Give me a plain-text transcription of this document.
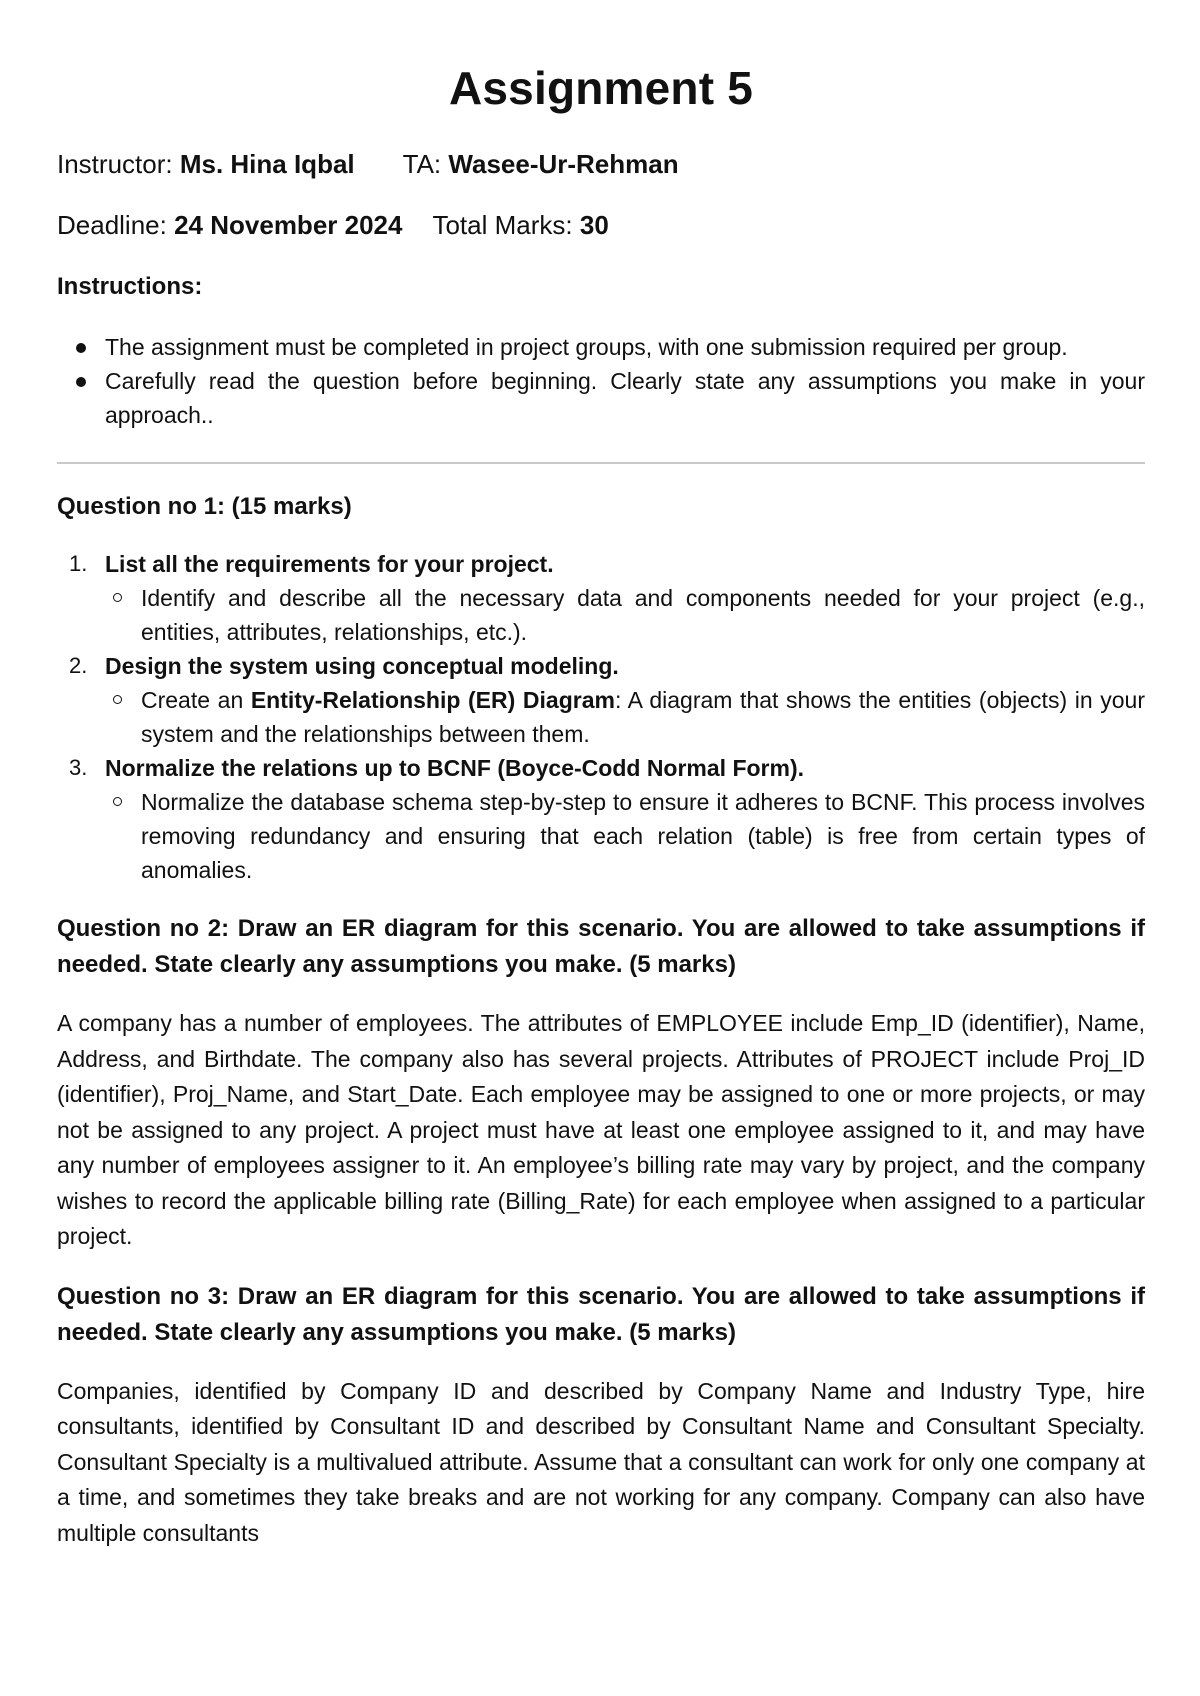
Assignment 5
Instructor: Ms. Hina Iqbal TA: Wasee-Ur-Rehman
Deadline: 24 November 2024 Total Marks: 30
Instructions:
The assignment must be completed in project groups, with one submission required per group.
Carefully read the question before beginning. Clearly state any assumptions you make in your approach..
Question no 1: (15 marks)
1. List all the requirements for your project.
Identify and describe all the necessary data and components needed for your project (e.g., entities, attributes, relationships, etc.).
2. Design the system using conceptual modeling.
Create an Entity-Relationship (ER) Diagram: A diagram that shows the entities (objects) in your system and the relationships between them.
3. Normalize the relations up to BCNF (Boyce-Codd Normal Form).
Normalize the database schema step-by-step to ensure it adheres to BCNF. This process involves removing redundancy and ensuring that each relation (table) is free from certain types of anomalies.
Question no 2: Draw an ER diagram for this scenario. You are allowed to take assumptions if needed. State clearly any assumptions you make. (5 marks)

A company has a number of employees. The attributes of EMPLOYEE include Emp_ID (identifier), Name, Address, and Birthdate. The company also has several projects. Attributes of PROJECT include Proj_ID (identifier), Proj_Name, and Start_Date. Each employee may be assigned to one or more projects, or may not be assigned to any project. A project must have at least one employee assigned to it, and may have any number of employees assigner to it. An employee’s billing rate may vary by project, and the company wishes to record the applicable billing rate (Billing_Rate) for each employee when assigned to a particular project.

Question no 3: Draw an ER diagram for this scenario. You are allowed to take assumptions if needed. State clearly any assumptions you make. (5 marks)

Companies, identified by Company ID and described by Company Name and Industry Type, hire consultants, identified by Consultant ID and described by Consultant Name and Consultant Specialty. Consultant Specialty is a multivalued attribute. Assume that a consultant can work for only one company at a time, and sometimes they take breaks and are not working for any company. Company can also have multiple consultants
